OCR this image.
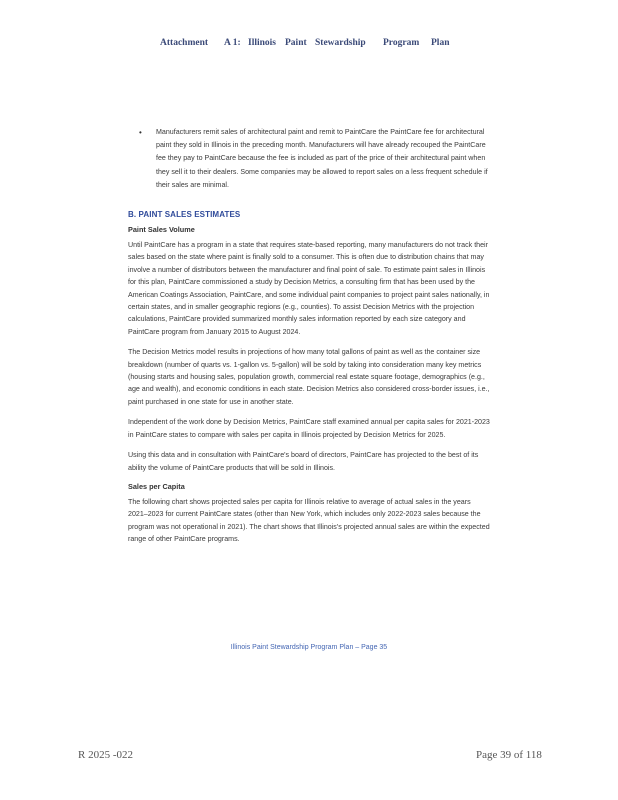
Attachment A 1: Illinois Paint Stewardship Program Plan

• Manufacturers remit sales of architectural paint and remit to PaintCare the PaintCare fee for architectural paint they sold in Illinois in the preceding month. Manufacturers will have already recouped the PaintCare fee they pay to PaintCare because the fee is included as part of the price of their architectural paint when they sell it to their dealers. Some companies may be allowed to report sales on a less frequent schedule if their sales are minimal.

B. PAINT SALES ESTIMATES
Paint Sales Volume

Until PaintCare has a program in a state that requires state-based reporting, many manufacturers do not track their sales based on the state where paint is finally sold to a consumer. This is often due to distribution chains that may involve a number of distributors between the manufacturer and final point of sale. To estimate paint sales in Illinois for this plan, PaintCare commissioned a study by Decision Metrics, a consulting firm that has been used by the American Coatings Association, PaintCare, and some individual paint companies to project paint sales nationally, in certain states, and in smaller geographic regions (e.g., counties). To assist Decision Metrics with the projection calculations, PaintCare provided summarized monthly sales information reported by each size category and PaintCare program from January 2015 to August 2024.

The Decision Metrics model results in projections of how many total gallons of paint as well as the container size breakdown (number of quarts vs. 1-gallon vs. 5-gallon) will be sold by taking into consideration many key metrics (housing starts and housing sales, population growth, commercial real estate square footage, demographics (e.g., age and wealth), and economic conditions in each state. Decision Metrics also considered cross-border issues, i.e., paint purchased in one state for use in another state.

Independent of the work done by Decision Metrics, PaintCare staff examined annual per capita sales for 2021-2023 in PaintCare states to compare with sales per capita in Illinois projected by Decision Metrics for 2025.

Using this data and in consultation with PaintCare's board of directors, PaintCare has projected to the best of its ability the volume of PaintCare products that will be sold in Illinois.

Sales per Capita

The following chart shows projected sales per capita for Illinois relative to average of actual sales in the years 2021–2023 for current PaintCare states (other than New York, which includes only 2022-2023 sales because the program was not operational in 2021). The chart shows that Illinois's projected annual sales are within the expected range of other PaintCare programs.

Illinois Paint Stewardship Program Plan – Page 35
R 2025 -022	Page 39 of 118
